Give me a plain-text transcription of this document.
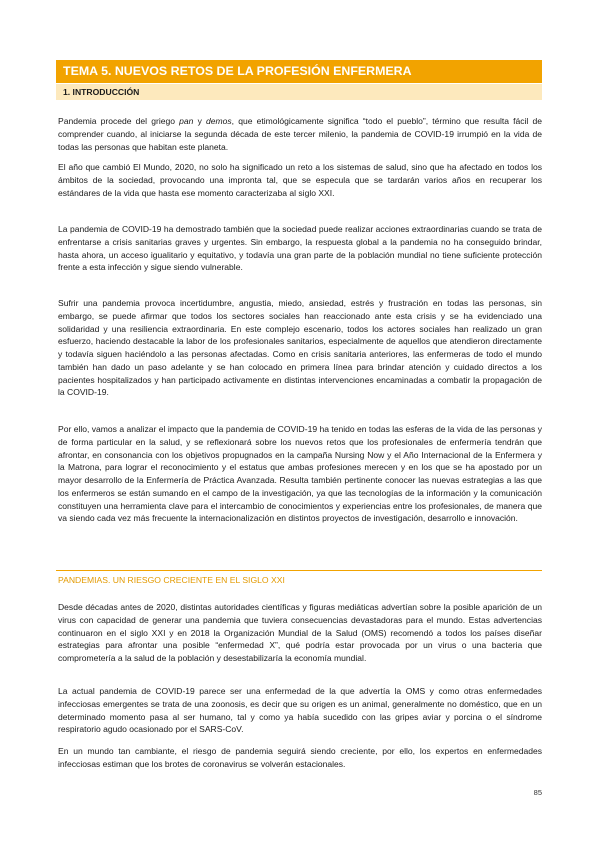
TEMA 5. NUEVOS RETOS DE LA PROFESIÓN ENFERMERA
1. INTRODUCCIÓN

Pandemia procede del griego pan y demos, que etimológicamente significa “todo el pueblo”, término que resulta fácil de comprender cuando, al iniciarse la segunda década de este tercer milenio, la pandemia de COVID-19 irrumpió en la vida de todas las personas que habitan este planeta.

El año que cambió El Mundo, 2020, no solo ha significado un reto a los sistemas de salud, sino que ha afectado en todos los ámbitos de la sociedad, provocando una impronta tal, que se especula que se tardarán varios años en recuperar los estándares de la vida que hasta ese momento caracterizaba al siglo XXI.

La pandemia de COVID-19 ha demostrado también que la sociedad puede realizar acciones extraordinarias cuando se trata de enfrentarse a crisis sanitarias graves y urgentes. Sin embargo, la respuesta global a la pandemia no ha conseguido brindar, hasta ahora, un acceso igualitario y equitativo, y todavía una gran parte de la población mundial no tiene suficiente protección frente a esta infección y sigue siendo vulnerable.

Sufrir una pandemia provoca incertidumbre, angustia, miedo, ansiedad, estrés y frustración en todas las personas, sin embargo, se puede afirmar que todos los sectores sociales han reaccionado ante esta crisis y se ha evidenciado una solidaridad y una resiliencia extraordinaria. En este complejo escenario, todos los actores sociales han realizado un gran esfuerzo, haciendo destacable la labor de los profesionales sanitarios, especialmente de aquellos que atendieron directamente y todavía siguen haciéndolo a las personas afectadas. Como en crisis sanitaria anteriores, las enfermeras de todo el mundo también han dado un paso adelante y se han colocado en primera línea para brindar atención y cuidado directos a los pacientes hospitalizados y han participado activamente en distintas intervenciones encaminadas a combatir la propagación de la COVID-19.

Por ello, vamos a analizar el impacto que la pandemia de COVID-19 ha tenido en todas las esferas de la vida de las personas y de forma particular en la salud, y se reflexionará sobre los nuevos retos que los profesionales de enfermería tendrán que afrontar, en consonancia con los objetivos propugnados en la campaña Nursing Now y el Año Internacional de la Enfermera y la Matrona, para lograr el reconocimiento y el estatus que ambas profesiones merecen y en los que se ha apostado por un mayor desarrollo de la Enfermería de Práctica Avanzada. Resulta también pertinente conocer las nuevas estrategias a las que los enfermeros se están sumando en el campo de la investigación, ya que las tecnologías de la información y la comunicación constituyen una herramienta clave para el intercambio de conocimientos y experiencias entre los profesionales, de manera que va siendo cada vez más frecuente la internacionalización en distintos proyectos de investigación, desarrollo e innovación.

PANDEMIAS. UN RIESGO CRECIENTE EN EL SIGLO XXI

Desde décadas antes de 2020, distintas autoridades científicas y figuras mediáticas advertían sobre la posible aparición de un virus con capacidad de generar una pandemia que tuviera consecuencias devastadoras para el mundo. Estas advertencias continuaron en el siglo XXI y en 2018 la Organización Mundial de la Salud (OMS) recomendó a todos los países diseñar estrategias para afrontar una posible “enfermedad X”, qué podría estar provocada por un virus o una bacteria que comprometería a la salud de la población y desestabilizaría la economía mundial.

La actual pandemia de COVID-19 parece ser una enfermedad de la que advertía la OMS y como otras enfermedades infecciosas emergentes se trata de una zoonosis, es decir que su origen es un animal, generalmente no doméstico, que en un determinado momento pasa al ser humano, tal y como ya había sucedido con las gripes aviar y porcina o el síndrome respiratorio agudo ocasionado por el SARS-CoV.

En un mundo tan cambiante, el riesgo de pandemia seguirá siendo creciente, por ello, los expertos en enfermedades infecciosas estiman que los brotes de coronavirus se volverán estacionales.

85
